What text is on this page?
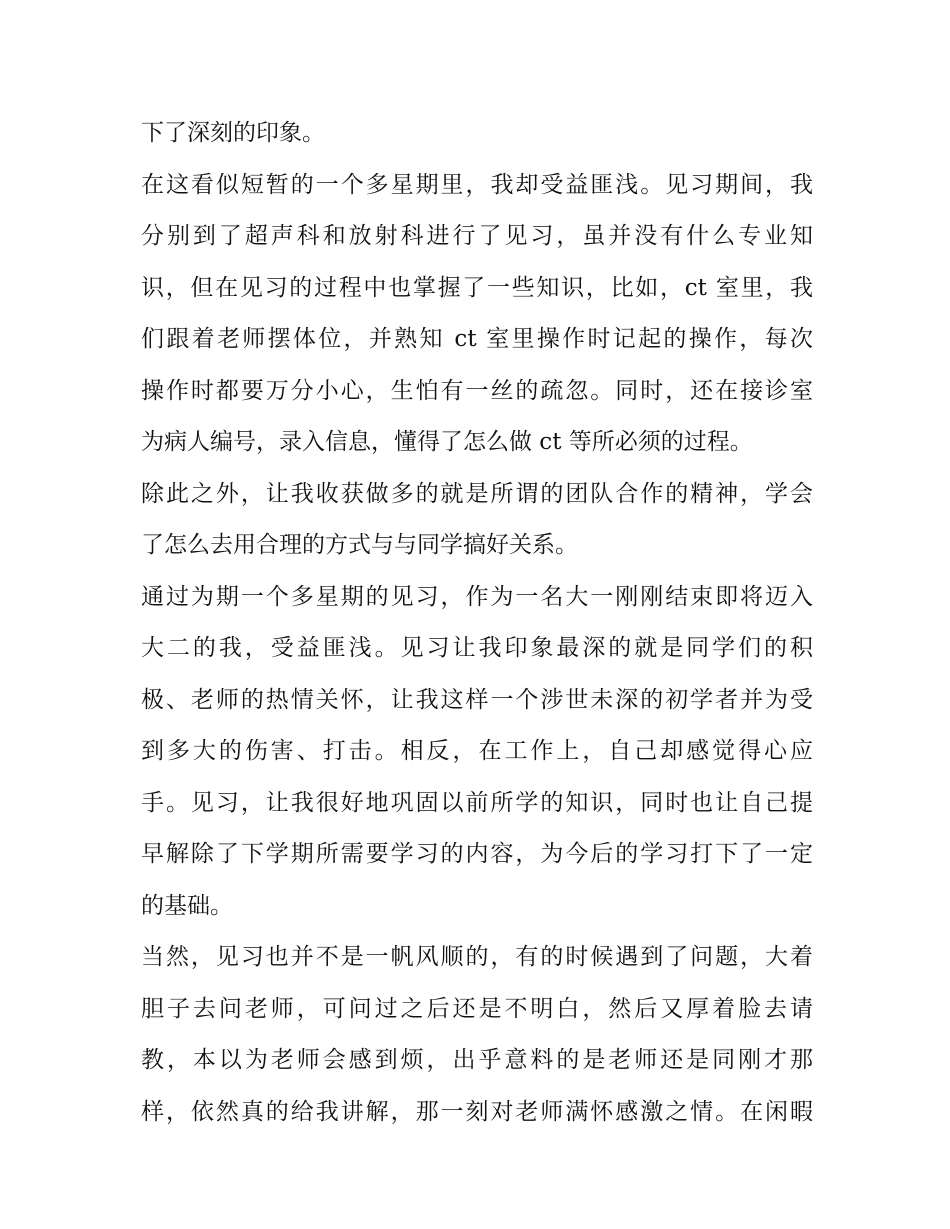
下了深刻的印象。
在这看似短暂的一个多星期里，我却受益匪浅。见习期间，我
分别到了超声科和放射科进行了见习，虽并没有什么专业知
识，但在见习的过程中也掌握了一些知识，比如，ct 室里，我
们跟着老师摆体位，并熟知 ct 室里操作时记起的操作，每次
操作时都要万分小心，生怕有一丝的疏忽。同时，还在接诊室
为病人编号，录入信息，懂得了怎么做 ct 等所必须的过程。
除此之外，让我收获做多的就是所谓的团队合作的精神，学会
了怎么去用合理的方式与与同学搞好关系。
通过为期一个多星期的见习，作为一名大一刚刚结束即将迈入
大二的我，受益匪浅。见习让我印象最深的就是同学们的积
极、老师的热情关怀，让我这样一个涉世未深的初学者并为受
到多大的伤害、打击。相反，在工作上，自己却感觉得心应
手。见习，让我很好地巩固以前所学的知识，同时也让自己提
早解除了下学期所需要学习的内容，为今后的学习打下了一定
的基础。
当然，见习也并不是一帆风顺的，有的时候遇到了问题，大着
胆子去问老师，可问过之后还是不明白，然后又厚着脸去请
教，本以为老师会感到烦，出乎意料的是老师还是同刚才那
样，依然真的给我讲解，那一刻对老师满怀感激之情。在闲暇
